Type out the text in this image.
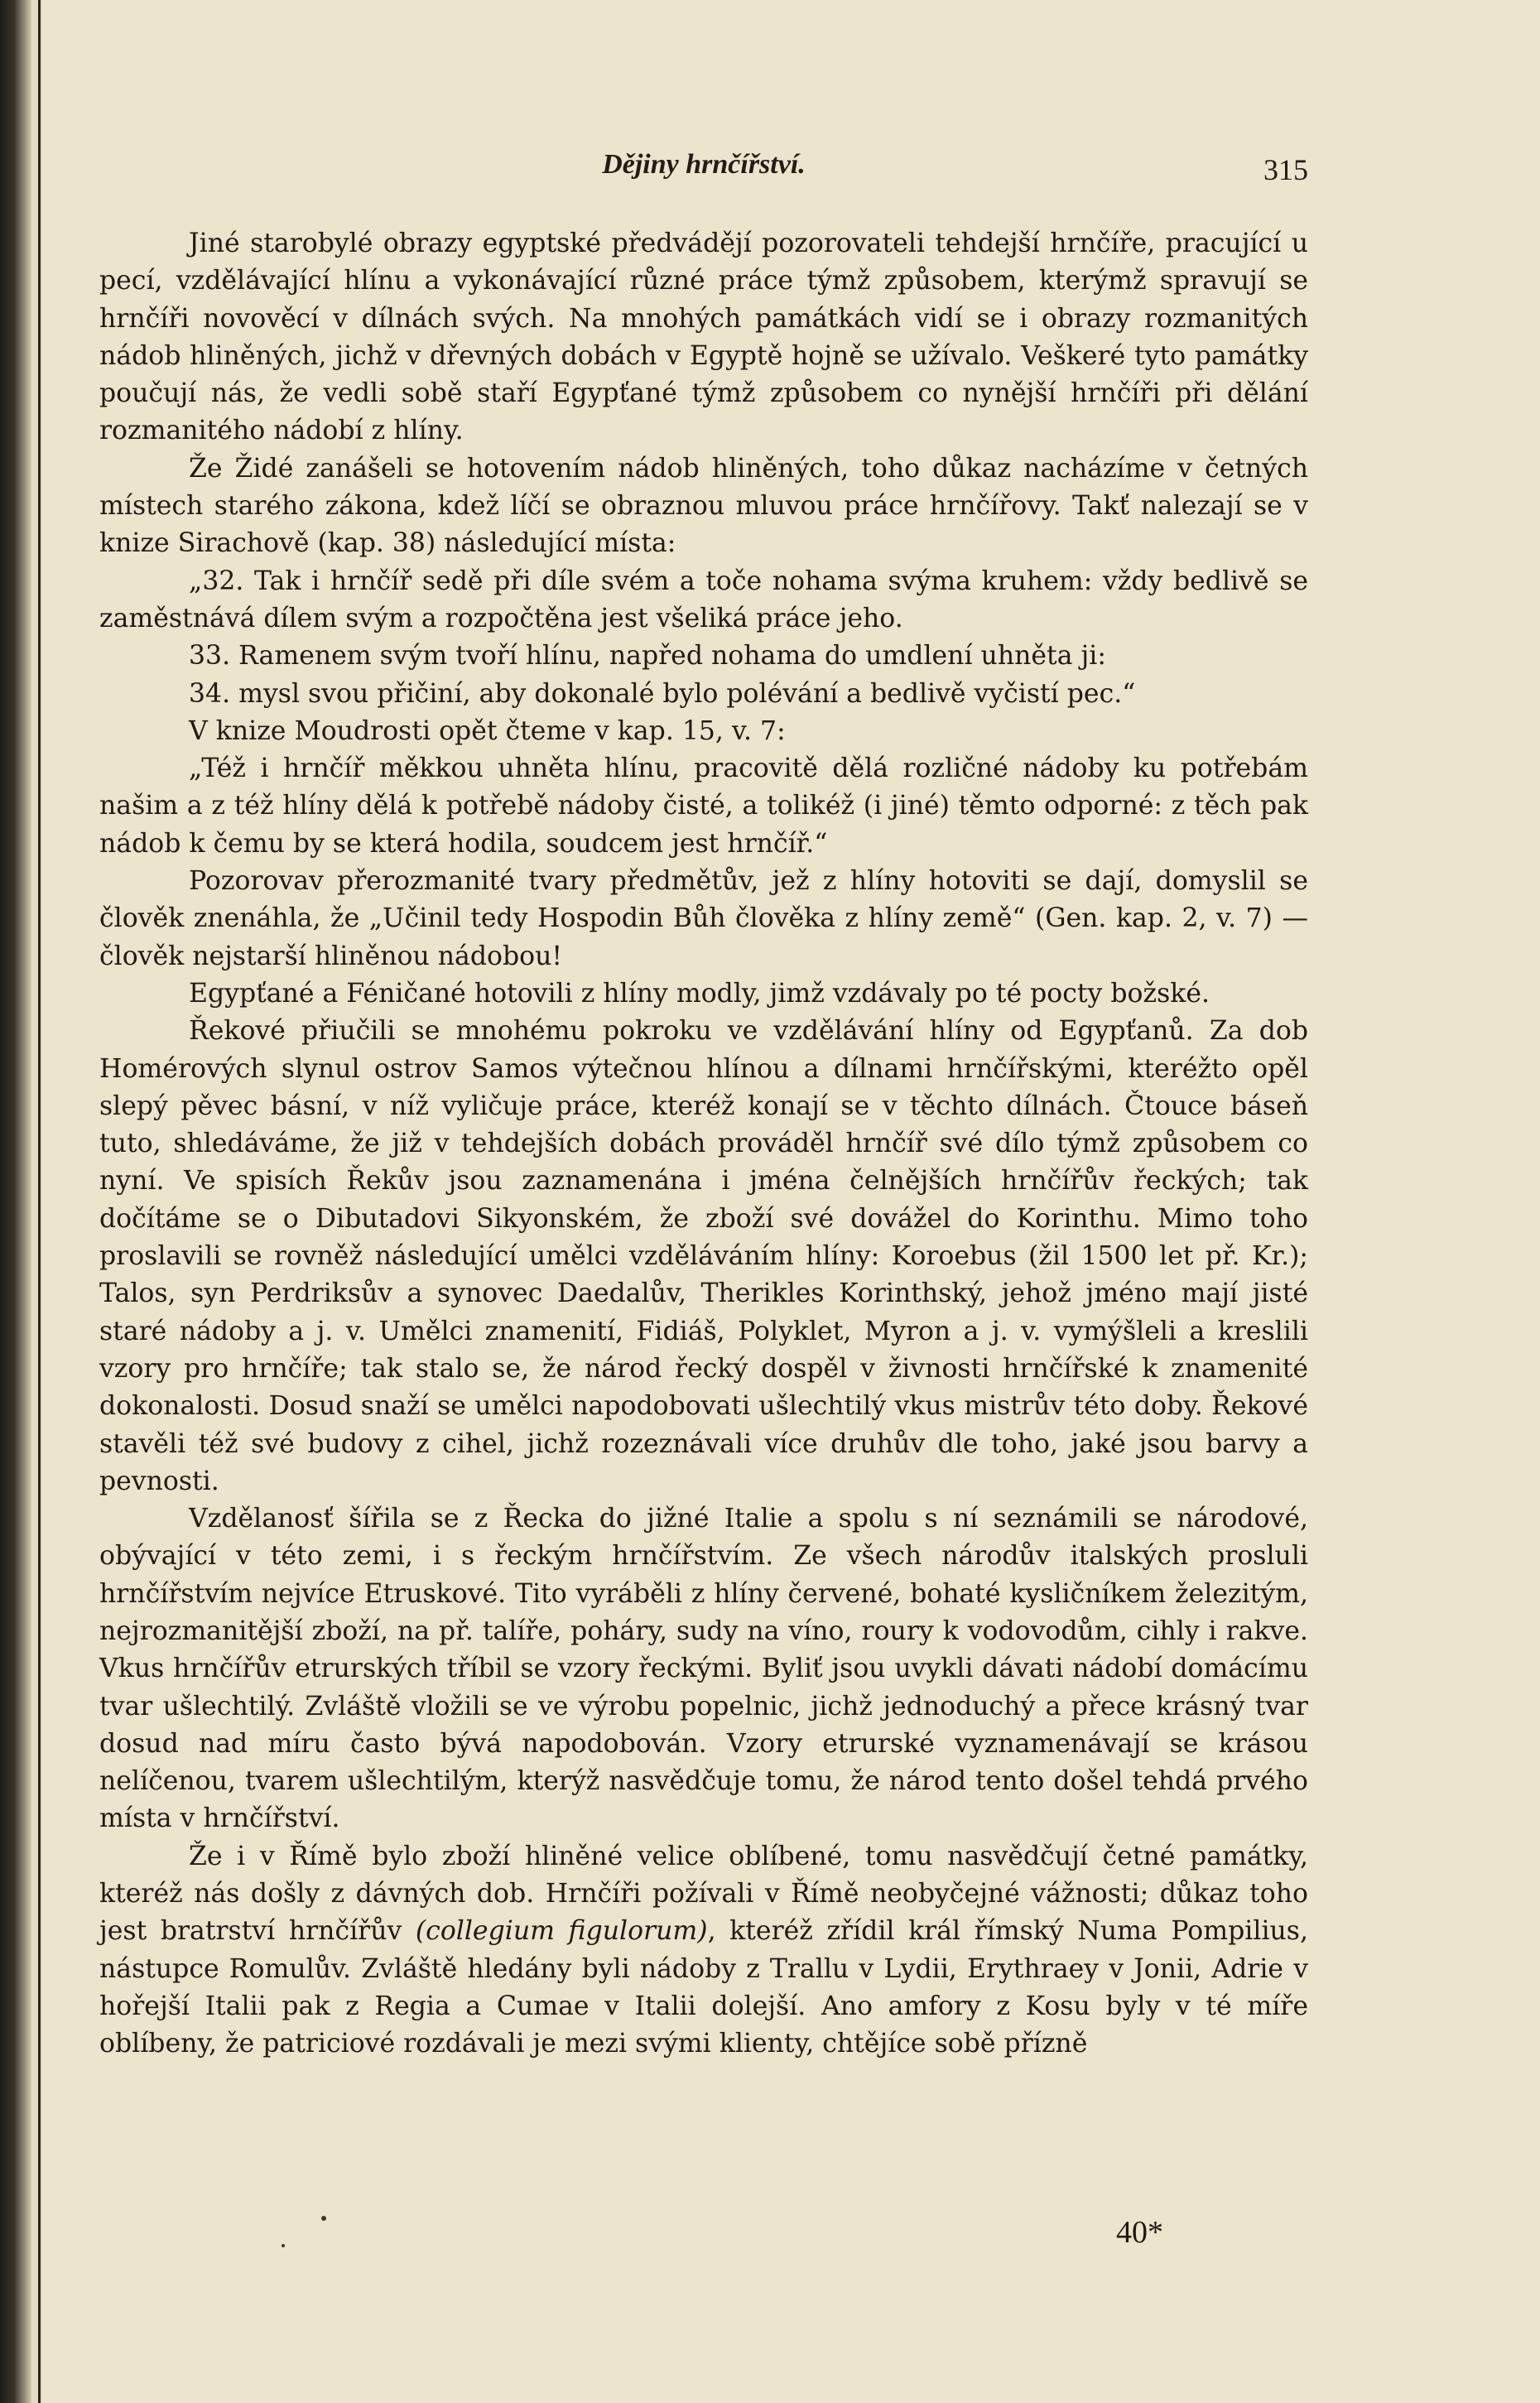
Dějiny hrnčířství.	315

Jiné starobylé obrazy egyptské předvádějí pozorovateli tehdejší hrnčíře, pracující u pecí, vzdělávající hlínu a vykonávající různé práce týmž způsobem, kterýmž spravují se hrnčíři novověcí v dílnách svých. Na mnohých památkách vidí se i obrazy rozmanitých nádob hliněných, jichž v dřevných dobách v Egyptě hojně se užívalo. Veškeré tyto památky poučují nás, že vedli sobě staří Egypťané týmž způsobem co nynější hrnčíři při dělání rozmanitého nádobí z hlíny.

Že Židé zanášeli se hotovením nádob hliněných, toho důkaz nacházíme v četných místech starého zákona, kdež líčí se obraznou mluvou práce hrnčířovy. Takť nalezají se v knize Sirachově (kap. 38) následující místa:

„32. Tak i hrnčíř sedě při díle svém a toče nohama svýma kruhem: vždy bedlivě se zaměstnává dílem svým a rozpočtěna jest všeliká práce jeho.

33. Ramenem svým tvoří hlínu, napřed nohama do umdlení uhněta ji:

34. mysl svou přičiní, aby dokonalé bylo polévání a bedlivě vyčistí pec.“

V knize Moudrosti opět čteme v kap. 15, v. 7:

„Též i hrnčíř měkkou uhněta hlínu, pracovitě dělá rozličné nádoby ku potřebám našim a z též hlíny dělá k potřebě nádoby čisté, a tolikéž (i jiné) těmto odporné: z těch pak nádob k čemu by se která hodila, soudcem jest hrnčíř.“

Pozorovav přerozmanité tvary předmětův, jež z hlíny hotoviti se dají, domyslil se člověk znenáhla, že „Učinil tedy Hospodin Bůh člověka z hlíny země“ (Gen. kap. 2, v. 7) — člověk nejstarší hliněnou nádobou!

Egypťané a Féničané hotovili z hlíny modly, jimž vzdávaly po té pocty božské.

Řekové přiučili se mnohému pokroku ve vzdělávání hlíny od Egypťanů. Za dob Homérových slynul ostrov Samos výtečnou hlínou a dílnami hrnčířskými, kteréžto opěl slepý pěvec básní, v níž vyličuje práce, kteréž konají se v těchto dílnách. Čtouce báseň tuto, shledáváme, že již v tehdejších dobách prováděl hrnčíř své dílo týmž způsobem co nyní. Ve spisích Řekův jsou zaznamenána i jména čelnějších hrnčířův řeckých; tak dočítáme se o Dibutadovi Sikyonském, že zboží své dovážel do Korinthu. Mimo toho proslavili se rovněž následující umělci vzděláváním hlíny: Koroebus (žil 1500 let př. Kr.); Talos, syn Perdriksův a synovec Daedalův, Therikles Korinthský, jehož jméno mají jisté staré nádoby a j. v. Umělci znamenití, Fidiáš, Polyklet, Myron a j. v. vymýšleli a kreslili vzory pro hrnčíře; tak stalo se, že národ řecký dospěl v živnosti hrnčířské k znamenité dokonalosti. Dosud snaží se umělci napodobovati ušlechtilý vkus mistrův této doby. Řekové stavěli též své budovy z cihel, jichž rozeznávali více druhův dle toho, jaké jsou barvy a pevnosti.

Vzdělanosť šířila se z Řecka do jižné Italie a spolu s ní seznámili se národové, obývající v této zemi, i s řeckým hrnčířstvím. Ze všech národův italských prosluli hrnčířstvím nejvíce Etruskové. Tito vyráběli z hlíny červené, bohaté kysličníkem železitým, nejrozmanitější zboží, na př. talíře, poháry, sudy na víno, roury k vodovodům, cihly i rakve. Vkus hrnčířův etrurských tříbil se vzory řeckými. Byliť jsou uvykli dávati nádobí domácímu tvar ušlechtilý. Zvláště vložili se ve výrobu popelnic, jichž jednoduchý a přece krásný tvar dosud nad míru často bývá napodobován. Vzory etrurské vyznamenávají se krásou nelíčenou, tvarem ušlechtilým, kterýž nasvědčuje tomu, že národ tento došel tehdá prvého místa v hrnčířství.

Že i v Římě bylo zboží hliněné velice oblíbené, tomu nasvědčují četné památky, kteréž nás došly z dávných dob. Hrnčíři požívali v Římě neobyčejné vážnosti; důkaz toho jest bratrství hrnčířův (collegium figulorum), kteréž zřídil král římský Numa Pompilius, nástupce Romulův. Zvláště hledány byli nádoby z Trallu v Lydii, Erythraey v Jonii, Adrie v hořejší Italii pak z Regia a Cumae v Italii dolejší. Ano amfory z Kosu byly v té míře oblíbeny, že patriciové rozdávali je mezi svými klienty, chtějíce sobě přízně

40*
